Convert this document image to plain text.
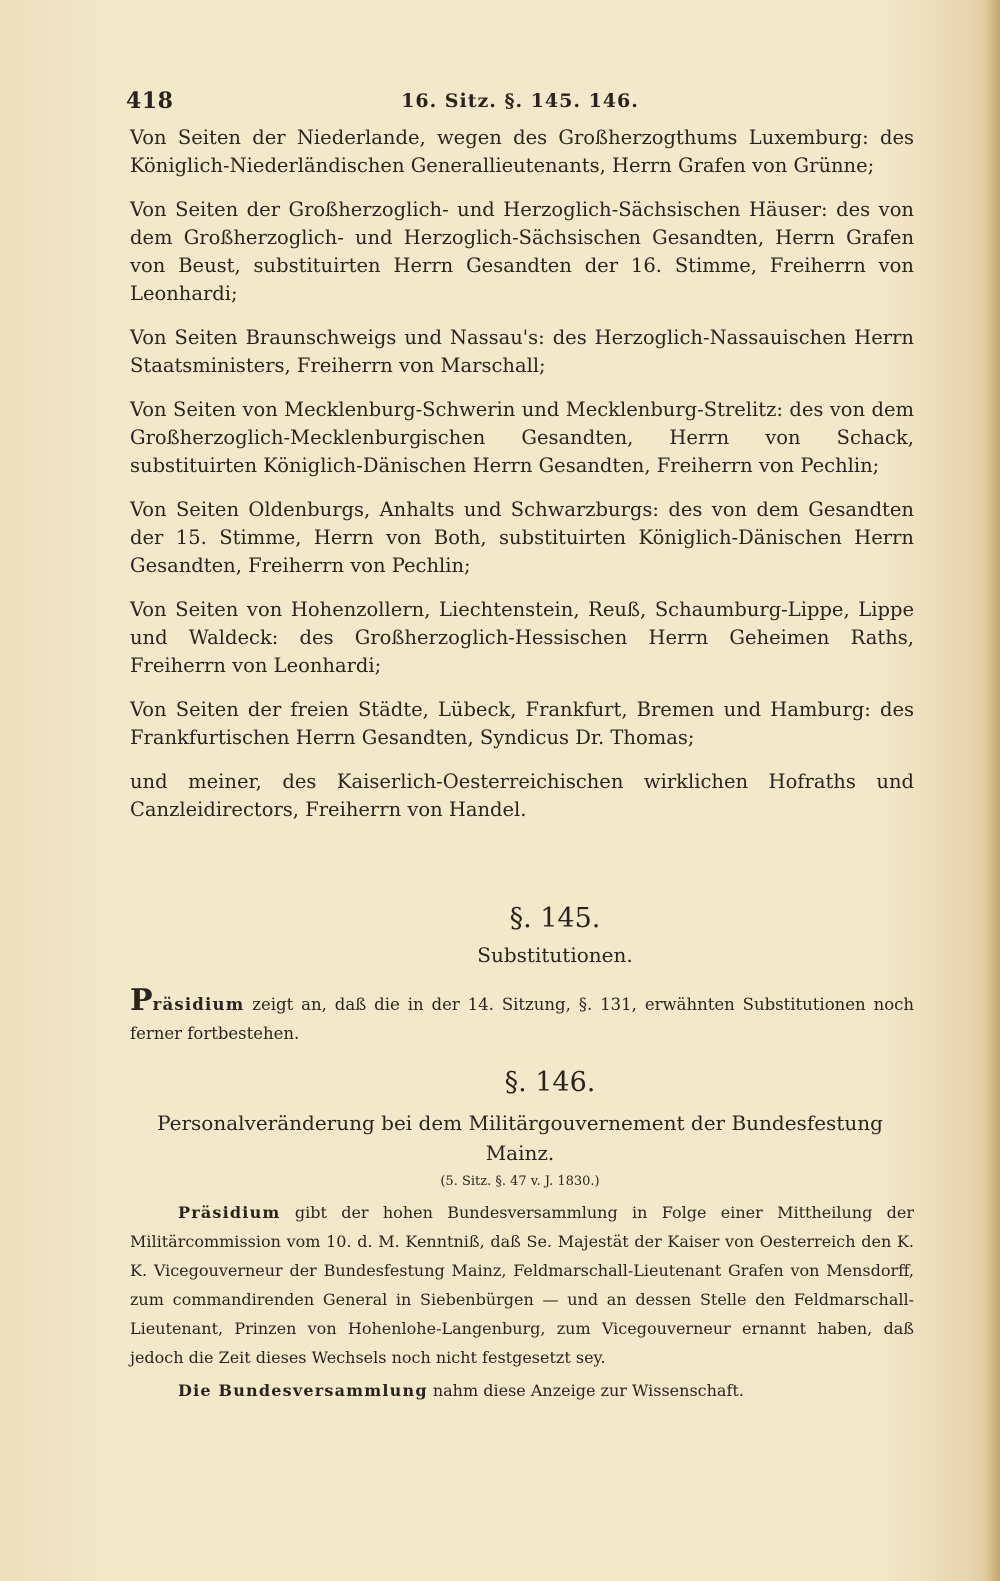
418	16. Sitz. §. 145. 146.

Von Seiten der Niederlande, wegen des Großherzogthums Luxemburg: des Königlich-Niederländischen Generallieutenants, Herrn Grafen von Grünne;

Von Seiten der Großherzoglich- und Herzoglich-Sächsischen Häuser: des von dem Großherzoglich- und Herzoglich-Sächsischen Gesandten, Herrn Grafen von Beust, substituirten Herrn Gesandten der 16. Stimme, Freiherrn von Leonhardi;

Von Seiten Braunschweigs und Nassau's: des Herzoglich-Nassauischen Herrn Staatsministers, Freiherrn von Marschall;

Von Seiten von Mecklenburg-Schwerin und Mecklenburg-Strelitz: des von dem Großherzoglich-Mecklenburgischen Gesandten, Herrn von Schack, substituirten Königlich-Dänischen Herrn Gesandten, Freiherrn von Pechlin;

Von Seiten Oldenburgs, Anhalts und Schwarzburgs: des von dem Gesandten der 15. Stimme, Herrn von Both, substituirten Königlich-Dänischen Herrn Gesandten, Freiherrn von Pechlin;

Von Seiten von Hohenzollern, Liechtenstein, Reuß, Schaumburg-Lippe, Lippe und Waldeck: des Großherzoglich-Hessischen Herrn Geheimen Raths, Freiherrn von Leonhardi;

Von Seiten der freien Städte, Lübeck, Frankfurt, Bremen und Hamburg: des Frankfurtischen Herrn Gesandten, Syndicus Dr. Thomas;

und meiner, des Kaiserlich-Oesterreichischen wirklichen Hofraths und Canzleidirectors, Freiherrn von Handel.

§. 145.

Substitutionen.

Präsidium zeigt an, daß die in der 14. Sitzung, §. 131, erwähnten Substitutionen noch ferner fortbestehen.

§. 146.

Personalveränderung bei dem Militärgouvernement der Bundesfestung Mainz.

(5. Sitz. §. 47 v. J. 1830.)

Präsidium gibt der hohen Bundesversammlung in Folge einer Mittheilung der Militärcommission vom 10. d. M. Kenntniß, daß Se. Majestät der Kaiser von Oesterreich den K. K. Vicegouverneur der Bundesfestung Mainz, Feldmarschall-Lieutenant Grafen von Mensdorff, zum commandirenden General in Siebenbürgen — und an dessen Stelle den Feldmarschall-Lieutenant, Prinzen von Hohenlohe-Langenburg, zum Vicegouverneur ernannt haben, daß jedoch die Zeit dieses Wechsels noch nicht festgesetzt sey.

Die Bundesversammlung nahm diese Anzeige zur Wissenschaft.
